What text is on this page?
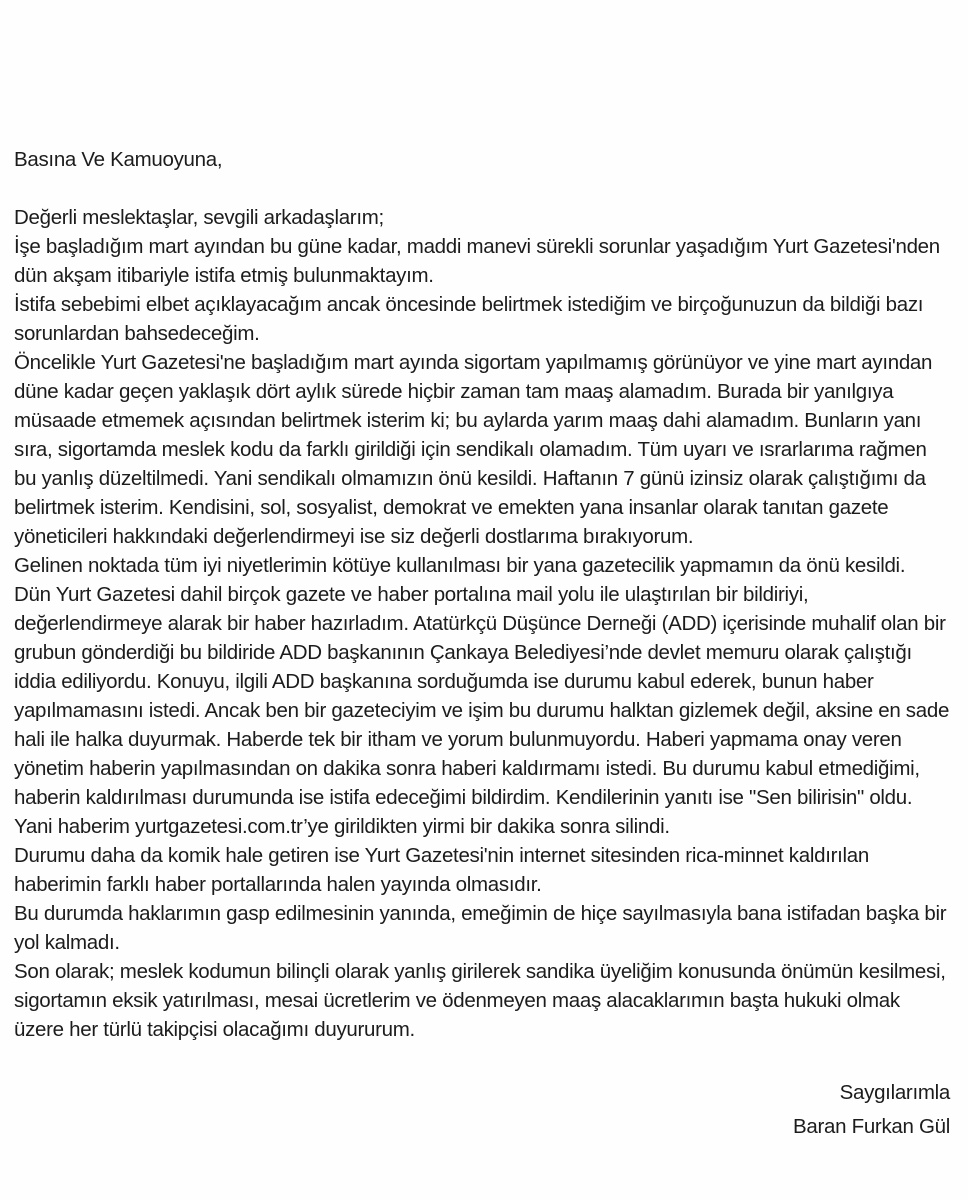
Basına Ve Kamuoyuna,

Değerli meslektaşlar, sevgili arkadaşlarım;

İşe başladığım mart ayından bu güne kadar, maddi manevi sürekli sorunlar yaşadığım Yurt Gazetesi'nden dün akşam itibariyle istifa etmiş bulunmaktayım.

İstifa sebebimi elbet açıklayacağım ancak öncesinde belirtmek istediğim ve birçoğunuzun da bildiği bazı sorunlardan bahsedeceğim.

Öncelikle Yurt Gazetesi'ne başladığım mart ayında sigortam yapılmamış görünüyor ve yine mart ayından düne kadar geçen yaklaşık dört aylık sürede hiçbir zaman tam maaş alamadım. Burada bir yanılgıya müsaade etmemek açısından belirtmek isterim ki; bu aylarda yarım maaş dahi alamadım. Bunların yanı sıra, sigortamda meslek kodu da farklı girildiği için sendikalı olamadım. Tüm uyarı ve ısrarlarıma rağmen bu yanlış düzeltilmedi. Yani sendikalı olmamızın önü kesildi. Haftanın 7 günü izinsiz olarak çalıştığımı da belirtmek isterim. Kendisini, sol, sosyalist, demokrat ve emekten yana insanlar olarak tanıtan gazete yöneticileri hakkındaki değerlendirmeyi ise siz değerli dostlarıma bırakıyorum.

Gelinen noktada tüm iyi niyetlerimin kötüye kullanılması bir yana gazetecilik yapmamın da önü kesildi.

Dün Yurt Gazetesi dahil birçok gazete ve haber portalına mail yolu ile ulaştırılan bir bildiriyi, değerlendirmeye alarak bir haber hazırladım. Atatürkçü Düşünce Derneği (ADD) içerisinde muhalif olan bir grubun gönderdiği bu bildiride ADD başkanının Çankaya Belediyesi’nde devlet memuru olarak çalıştığı iddia ediliyordu. Konuyu, ilgili ADD başkanına sorduğumda ise durumu kabul ederek, bunun haber yapılmamasını istedi. Ancak ben bir gazeteciyim ve işim bu durumu halktan gizlemek değil, aksine en sade hali ile halka duyurmak. Haberde tek bir itham ve yorum bulunmuyordu. Haberi yapmama onay veren yönetim haberin yapılmasından on dakika sonra haberi kaldırmamı istedi. Bu durumu kabul etmediğimi, haberin kaldırılması durumunda ise istifa edeceğimi bildirdim. Kendilerinin yanıtı ise "Sen bilirisin" oldu. Yani haberim yurtgazetesi.com.tr’ye girildikten yirmi bir dakika sonra silindi.

Durumu daha da komik hale getiren ise Yurt Gazetesi'nin internet sitesinden rica-minnet kaldırılan haberimin farklı haber portallarında halen yayında olmasıdır.

Bu durumda haklarımın gasp edilmesinin yanında, emeğimin de hiçe sayılmasıyla bana istifadan başka bir yol kalmadı.

Son olarak; meslek kodumun bilinçli olarak yanlış girilerek sandika üyeliğim konusunda önümün kesilmesi, sigortamın eksik yatırılması, mesai ücretlerim ve ödenmeyen maaş alacaklarımın başta hukuki olmak üzere her türlü takipçisi olacağımı duyururum.

Saygılarımla

Baran Furkan Gül
